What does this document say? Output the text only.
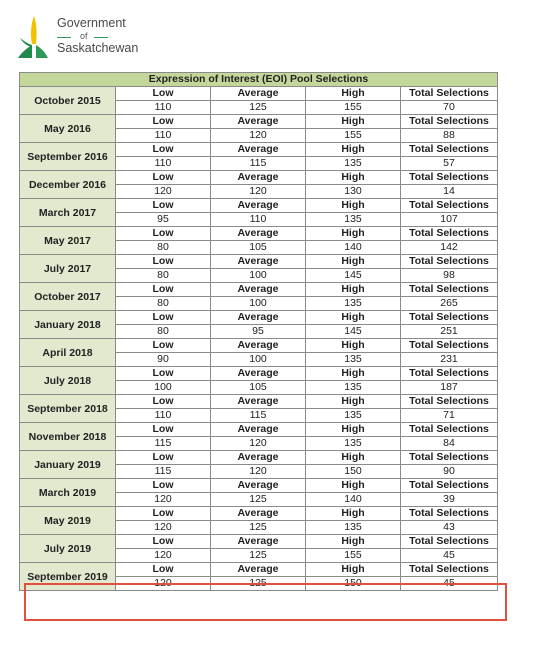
Government
of
Saskatchewan
Expression of Interest (EOI) Pool Selections				
October 2015	Low	Average	High	Total Selections
	110	125	155	70
May 2016	Low	Average	High	Total Selections
	110	120	155	88
September 2016	Low	Average	High	Total Selections
	110	115	135	57
December 2016	Low	Average	High	Total Selections
	120	120	130	14
March 2017	Low	Average	High	Total Selections
	95	110	135	107
May 2017	Low	Average	High	Total Selections
	80	105	140	142
July 2017	Low	Average	High	Total Selections
	80	100	145	98
October 2017	Low	Average	High	Total Selections
	80	100	135	265
January 2018	Low	Average	High	Total Selections
	80	95	145	251
April 2018	Low	Average	High	Total Selections
	90	100	135	231
July 2018	Low	Average	High	Total Selections
	100	105	135	187
September 2018	Low	Average	High	Total Selections
	110	115	135	71
November 2018	Low	Average	High	Total Selections
	115	120	135	84
January 2019	Low	Average	High	Total Selections
	115	120	150	90
March 2019	Low	Average	High	Total Selections
	120	125	140	39
May 2019	Low	Average	High	Total Selections
	120	125	135	43
July 2019	Low	Average	High	Total Selections
	120	125	155	45
September 2019	Low	Average	High	Total Selections
	120	125	150	45
